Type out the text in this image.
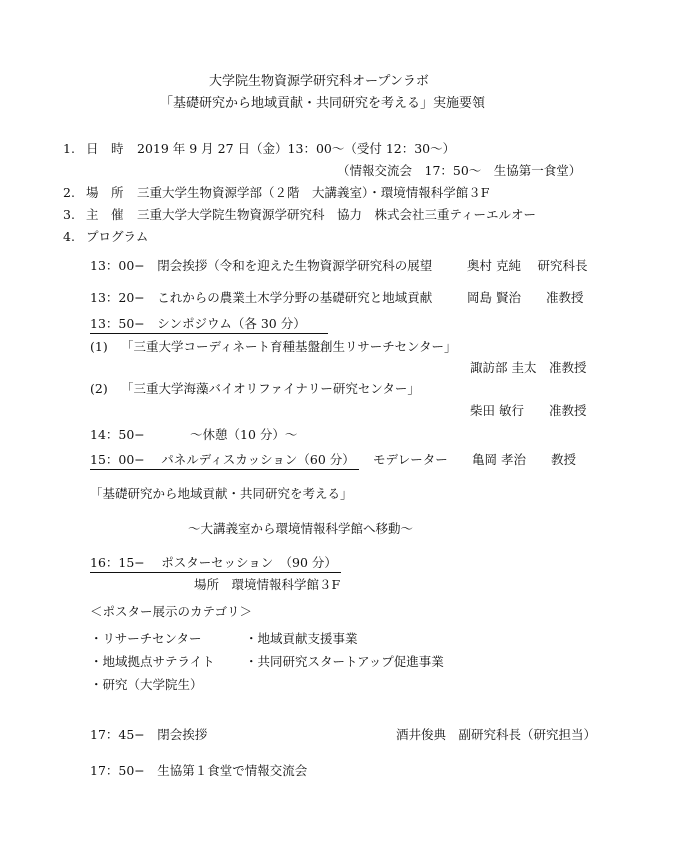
大学院生物資源学研究科オープンラボ
「基礎研究から地域貢献・共同研究を考える」実施要領
1. 日　時 2019 年 9 月 27 日（金）13：00〜（受付 12：30〜）
（情報交流会　17：50〜　生協第一食堂）
2. 場　所 三重大学生物資源学部（２階　大講義室）・環境情報科学館３F
3. 主　催 三重大学大学院生物資源学研究科　協力　株式会社三重ティーエルオー
4. プログラム
13：00−　閉会挨拶（令和を迎えた生物資源学研究科の展望	奥村 克純　 研究科長
13：20−　これからの農業土木学分野の基礎研究と地域貢献	岡島 賢治　　准教授
13：50−　シンポジウム（各 30 分）
(1) 「三重大学コーディネート育種基盤創生リサーチセンター」
諏訪部 圭太　准教授
(2) 「三重大学海藻バイオリファイナリー研究センター」
柴田 敏行　　准教授
14：50−	〜休憩（10 分）〜
15：00−　 パネルディスカッション（60 分）	モデレーター 亀岡 孝治　　教授
「基礎研究から地域貢献・共同研究を考える」
〜大講義室から環境情報科学館へ移動〜
16：15−　 ポスターセッション　（90 分）
場所　環境情報科学館３F
＜ポスター展示のカテゴリ＞
・リサーチセンター	・地域貢献支援事業
・地域拠点サテライト ・共同研究スタートアップ促進事業
・研究（大学院生）
17：45−　閉会挨拶	酒井俊典　副研究科長（研究担当）
17：50−　生協第１食堂で情報交流会
